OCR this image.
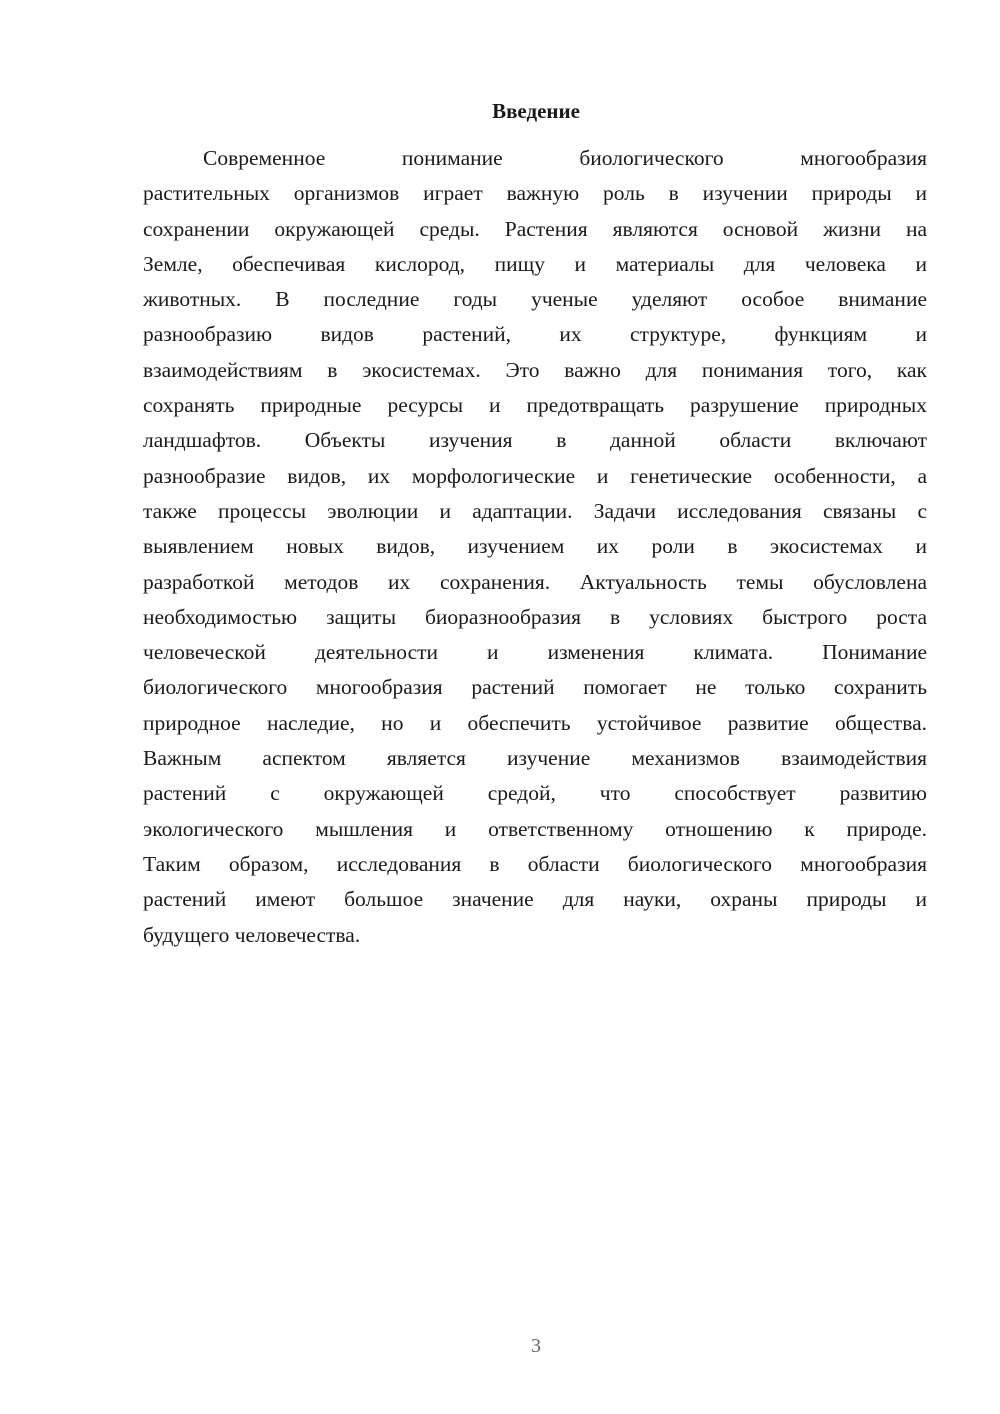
Введение
Современное понимание биологического многообразия
растительных организмов играет важную роль в изучении природы и
сохранении окружающей среды. Растения являются основой жизни на
Земле, обеспечивая кислород, пищу и материалы для человека и
животных. В последние годы ученые уделяют особое внимание
разнообразию видов растений, их структуре, функциям и
взаимодействиям в экосистемах. Это важно для понимания того, как
сохранять природные ресурсы и предотвращать разрушение природных
ландшафтов. Объекты изучения в данной области включают
разнообразие видов, их морфологические и генетические особенности, а
также процессы эволюции и адаптации. Задачи исследования связаны с
выявлением новых видов, изучением их роли в экосистемах и
разработкой методов их сохранения. Актуальность темы обусловлена
необходимостью защиты биоразнообразия в условиях быстрого роста
человеческой деятельности и изменения климата. Понимание
биологического многообразия растений помогает не только сохранить
природное наследие, но и обеспечить устойчивое развитие общества.
Важным аспектом является изучение механизмов взаимодействия
растений с окружающей средой, что способствует развитию
экологического мышления и ответственному отношению к природе.
Таким образом, исследования в области биологического многообразия
растений имеют большое значение для науки, охраны природы и
будущего человечества.
3
